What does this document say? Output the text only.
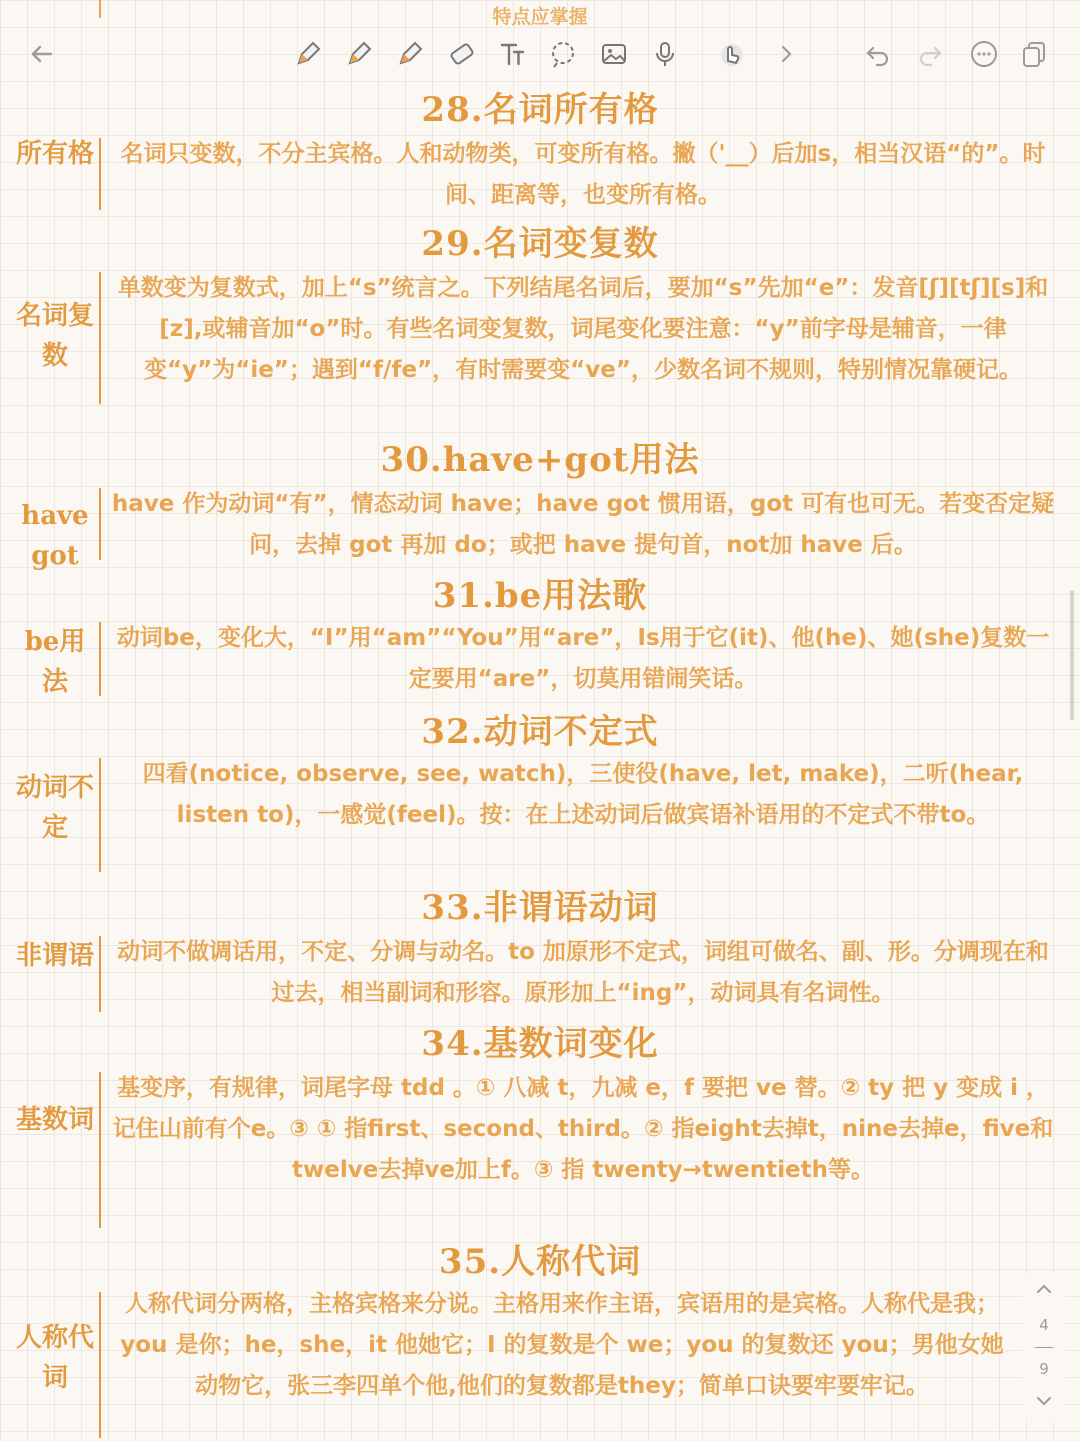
特点应掌握
28.名词所有格
所有格	名词只变数，不分主宾格。人和动物类，可变所有格。撇（'__）后加s，相当汉语“的”。时间、距离等，也变所有格。
29.名词变复数
名词复数
单数变为复数式，加上“s”统言之。下列结尾名词后，要加“s”先加“e”：发音[ʃ][tʃ][s]和[z],或辅音加“o”时。有些名词变复数，词尾变化要注意：“y”前字母是辅音，一律变“y”为“ie”；遇到“f/fe”，有时需要变“ve”，少数名词不规则，特别情况靠硬记。
30.have+got用法
have got
have 作为动词“有”，情态动词 have；have got 惯用语，got 可有也可无。若变否定疑问，去掉 got 再加 do；或把 have 提句首，not加 have 后。
31.be用法歌
be用法
动词be，变化大，“I”用“am”“You”用“are”，Is用于它(it)、他(he)、她(she)复数一定要用“are”，切莫用错闹笑话。
32.动词不定式
动词不定
四看(notice, observe, see, watch)，三使役(have, let, make)，二听(hear, listen to)，一感觉(feel)。按：在上述动词后做宾语补语用的不定式不带to。
33.非谓语动词
非谓语	动词不做调话用，不定、分调与动名。to 加原形不定式，词组可做名、副、形。分调现在和过去，相当副词和形容。原形加上“ing”，动词具有名词性。
34.基数词变化
基数词
基变序，有规律，词尾字母 tdd 。① 八减 t，九减 e，f 要把 ve 替。② ty 把 y 变成 i ，记住山前有个e。③ ① 指first、second、third。② 指eight去掉t，nine去掉e，five和twelve去掉ve加上f。③ 指 twenty→twentieth等。
35.人称代词
人称代词
人称代词分两格，主格宾格来分说。主格用来作主语，宾语用的是宾格。人称代是我；you 是你；he，she，it 他她它；I 的复数是个 we；you 的复数还 you；男他女她动物它，张三李四单个他,他们的复数都是they；简单口诀要牢要牢记。
4
9
